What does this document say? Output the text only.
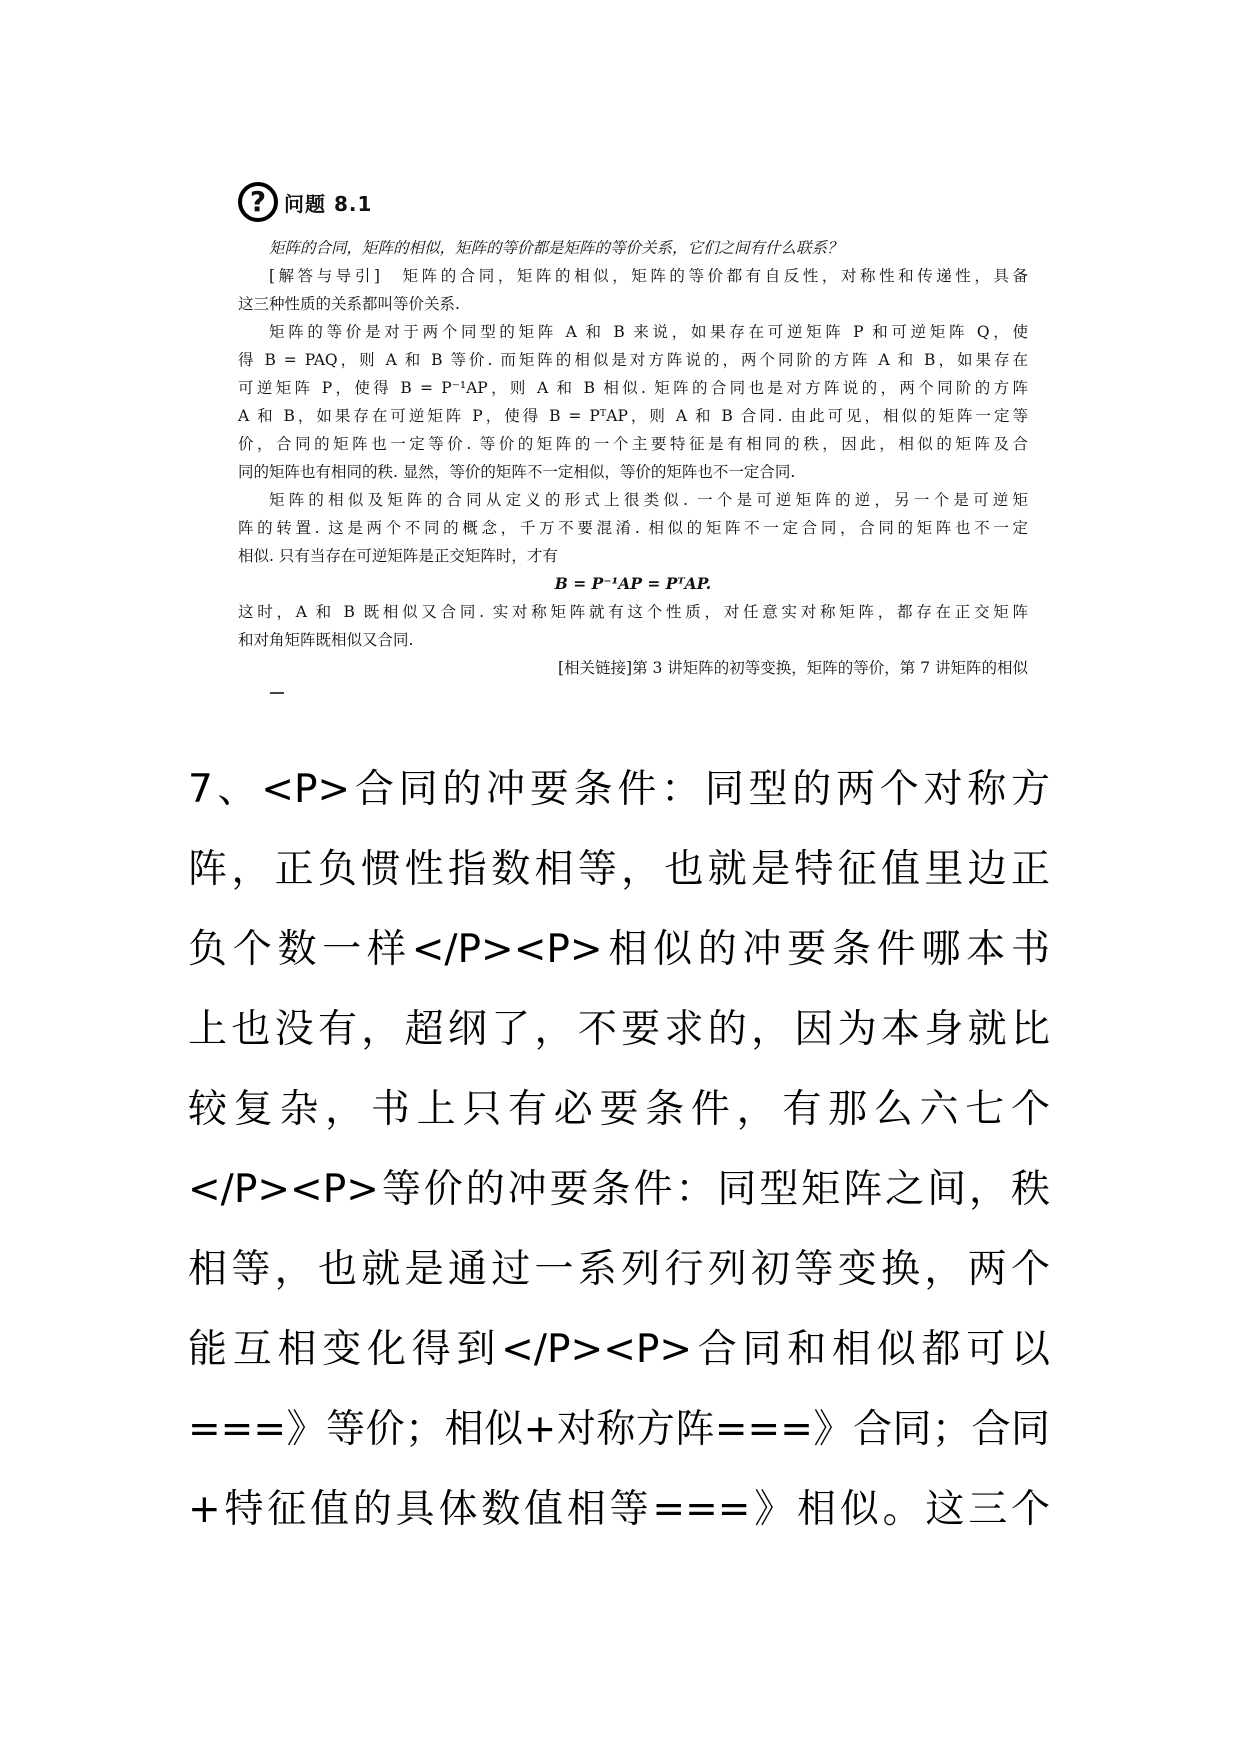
? 问题 8.1
矩阵的合同，矩阵的相似，矩阵的等价都是矩阵的等价关系，它们之间有什么联系？
[解答与导引]　矩阵的合同，矩阵的相似，矩阵的等价都有自反性，对称性和传递性，具备
这三种性质的关系都叫等价关系.
矩阵的等价是对于两个同型的矩阵 A 和 B 来说，如果存在可逆矩阵 P 和可逆矩阵 Q，使
得 B = PAQ，则 A 和 B 等价. 而矩阵的相似是对方阵说的，两个同阶的方阵 A 和 B，如果存在
可逆矩阵 P，使得 B = P⁻¹AP，则 A 和 B 相似. 矩阵的合同也是对方阵说的，两个同阶的方阵
A 和 B，如果存在可逆矩阵 P，使得 B = PᵀAP，则 A 和 B 合同. 由此可见，相似的矩阵一定等
价，合同的矩阵也一定等价. 等价的矩阵的一个主要特征是有相同的秩，因此，相似的矩阵及合
同的矩阵也有相同的秩. 显然，等价的矩阵不一定相似，等价的矩阵也不一定合同.
矩阵的相似及矩阵的合同从定义的形式上很类似. 一个是可逆矩阵的逆，另一个是可逆矩
阵的转置. 这是两个不同的概念，千万不要混淆. 相似的矩阵不一定合同，合同的矩阵也不一定
相似. 只有当存在可逆矩阵是正交矩阵时，才有
B = P⁻¹AP = PᵀAP.
这时，A 和 B 既相似又合同. 实对称矩阵就有这个性质，对任意实对称矩阵，都存在正交矩阵
和对角矩阵既相似又合同.
[相关链接]第 3 讲矩阵的初等变换，矩阵的等价，第 7 讲矩阵的相似
7、<P>合同的冲要条件：同型的两个对称方
阵，正负惯性指数相等，也就是特征值里边正
负个数一样</P><P>相似的冲要条件哪本书
上也没有，超纲了，不要求的，因为本身就比
较复杂，书上只有必要条件，有那么六七个
</P><P>等价的冲要条件：同型矩阵之间，秩
相等，也就是通过一系列行列初等变换，两个
能互相变化得到</P><P>合同和相似都可以
===》等价；相似+对称方阵===》合同；合同
+特征值的具体数值相等===》相似。这三个
